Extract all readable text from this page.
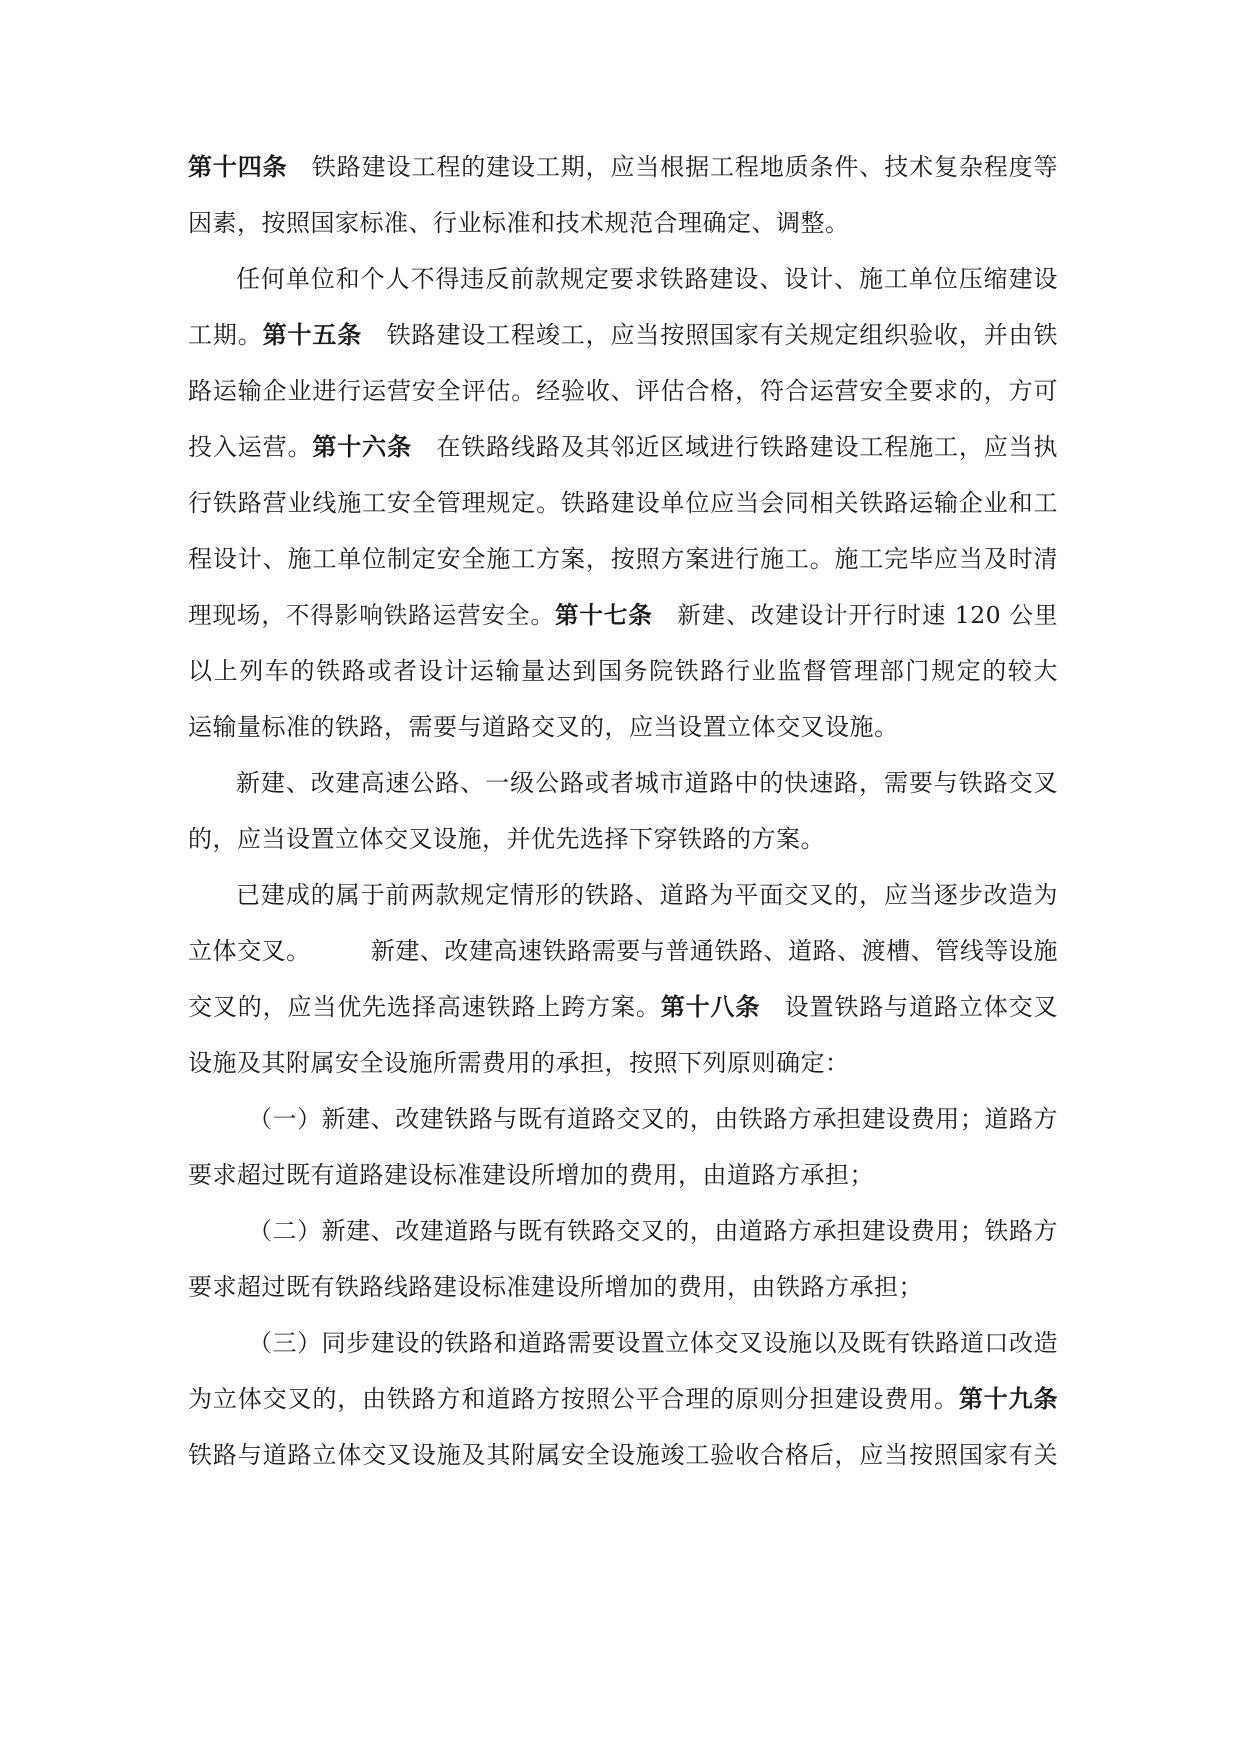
第十四条 铁路建设工程的建设工期，应当根据工程地质条件、技术复杂程度等
因素，按照国家标准、行业标准和技术规范合理确定、调整。
任何单位和个人不得违反前款规定要求铁路建设、设计、施工单位压缩建设
工期。第十五条 铁路建设工程竣工，应当按照国家有关规定组织验收，并由铁
路运输企业进行运营安全评估。经验收、评估合格，符合运营安全要求的，方可
投入运营。第十六条 在铁路线路及其邻近区域进行铁路建设工程施工，应当执
行铁路营业线施工安全管理规定。铁路建设单位应当会同相关铁路运输企业和工
程设计、施工单位制定安全施工方案，按照方案进行施工。施工完毕应当及时清
理现场，不得影响铁路运营安全。第十七条 新建、改建设计开行时速 120 公里
以上列车的铁路或者设计运输量达到国务院铁路行业监督管理部门规定的较大
运输量标准的铁路，需要与道路交叉的，应当设置立体交叉设施。
新建、改建高速公路、一级公路或者城市道路中的快速路，需要与铁路交叉
的，应当设置立体交叉设施，并优先选择下穿铁路的方案。
已建成的属于前两款规定情形的铁路、道路为平面交叉的，应当逐步改造为
立体交叉。	新建、改建高速铁路需要与普通铁路、道路、渡槽、管线等设施
交叉的，应当优先选择高速铁路上跨方案。第十八条 设置铁路与道路立体交叉
设施及其附属安全设施所需费用的承担，按照下列原则确定：
（一）新建、改建铁路与既有道路交叉的，由铁路方承担建设费用；道路方
要求超过既有道路建设标准建设所增加的费用，由道路方承担；
（二）新建、改建道路与既有铁路交叉的，由道路方承担建设费用；铁路方
要求超过既有铁路线路建设标准建设所增加的费用，由铁路方承担；
（三）同步建设的铁路和道路需要设置立体交叉设施以及既有铁路道口改造
为立体交叉的，由铁路方和道路方按照公平合理的原则分担建设费用。第十九条
铁路与道路立体交叉设施及其附属安全设施竣工验收合格后，应当按照国家有关
